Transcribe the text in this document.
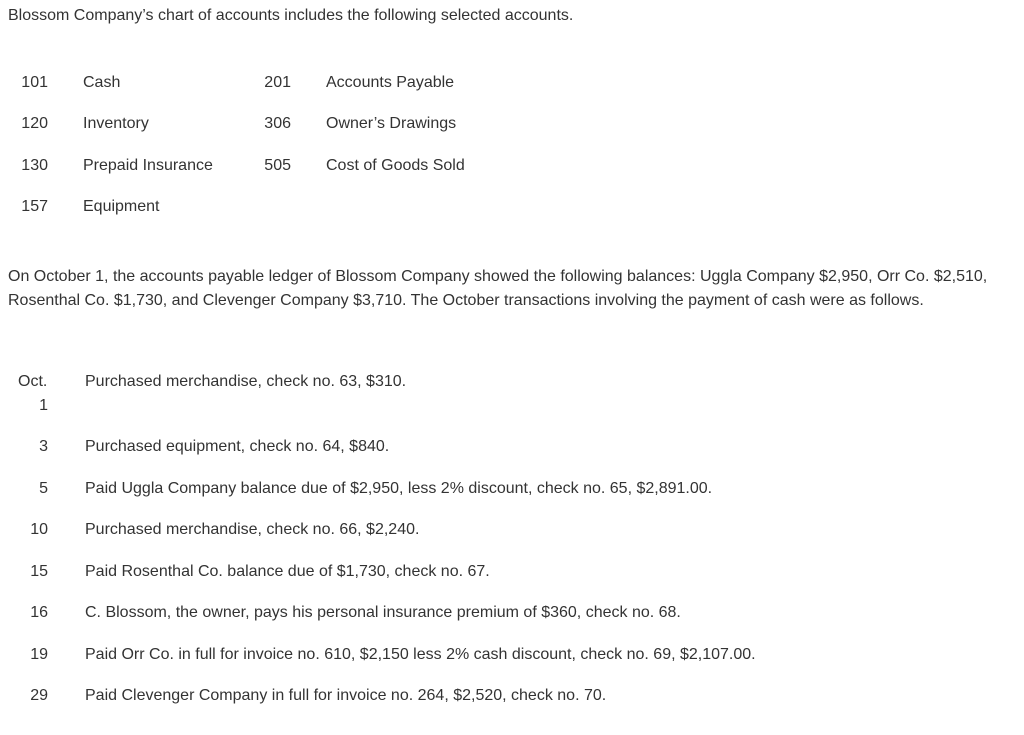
Blossom Company’s chart of accounts includes the following selected accounts.

101	Cash	201	Accounts Payable
120	Inventory	306	Owner’s Drawings
130	Prepaid Insurance	505	Cost of Goods Sold
157	Equipment		

On October 1, the accounts payable ledger of Blossom Company showed the following balances: Uggla Company $2,950, Orr Co. $2,510, Rosenthal Co. $1,730, and Clevenger Company $3,710. The October transactions involving the payment of cash were as follows.

Oct.
1	Purchased merchandise, check no. 63, $310.
3	Purchased equipment, check no. 64, $840.
5	Paid Uggla Company balance due of $2,950, less 2% discount, check no. 65, $2,891.00.
10	Purchased merchandise, check no. 66, $2,240.
15	Paid Rosenthal Co. balance due of $1,730, check no. 67.
16	C. Blossom, the owner, pays his personal insurance premium of $360, check no. 68.
19	Paid Orr Co. in full for invoice no. 610, $2,150 less 2% cash discount, check no. 69, $2,107.00.
29	Paid Clevenger Company in full for invoice no. 264, $2,520, check no. 70.
